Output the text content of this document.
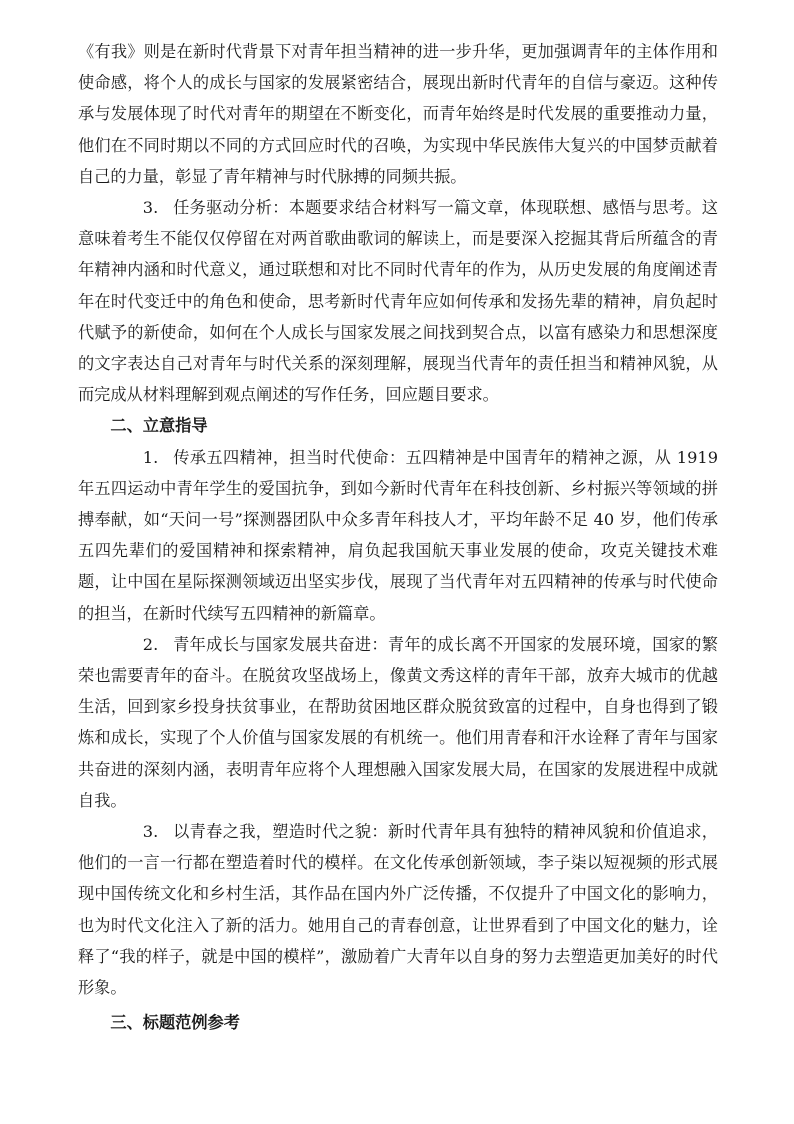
《有我》则是在新时代背景下对青年担当精神的进一步升华，更加强调青年的主体作用和使命感，将个人的成长与国家的发展紧密结合，展现出新时代青年的自信与豪迈。这种传承与发展体现了时代对青年的期望在不断变化，而青年始终是时代发展的重要推动力量，他们在不同时期以不同的方式回应时代的召唤，为实现中华民族伟大复兴的中国梦贡献着自己的力量，彰显了青年精神与时代脉搏的同频共振。

3. 任务驱动分析：本题要求结合材料写一篇文章，体现联想、感悟与思考。这意味着考生不能仅仅停留在对两首歌曲歌词的解读上，而是要深入挖掘其背后所蕴含的青年精神内涵和时代意义，通过联想和对比不同时代青年的作为，从历史发展的角度阐述青年在时代变迁中的角色和使命，思考新时代青年应如何传承和发扬先辈的精神，肩负起时代赋予的新使命，如何在个人成长与国家发展之间找到契合点，以富有感染力和思想深度的文字表达自己对青年与时代关系的深刻理解，展现当代青年的责任担当和精神风貌，从而完成从材料理解到观点阐述的写作任务，回应题目要求。

二、立意指导

1. 传承五四精神，担当时代使命：五四精神是中国青年的精神之源，从 1919 年五四运动中青年学生的爱国抗争，到如今新时代青年在科技创新、乡村振兴等领域的拼搏奉献，如“天问一号”探测器团队中众多青年科技人才，平均年龄不足 40 岁，他们传承五四先辈们的爱国精神和探索精神，肩负起我国航天事业发展的使命，攻克关键技术难题，让中国在星际探测领域迈出坚实步伐，展现了当代青年对五四精神的传承与时代使命的担当，在新时代续写五四精神的新篇章。

2. 青年成长与国家发展共奋进：青年的成长离不开国家的发展环境，国家的繁荣也需要青年的奋斗。在脱贫攻坚战场上，像黄文秀这样的青年干部，放弃大城市的优越生活，回到家乡投身扶贫事业，在帮助贫困地区群众脱贫致富的过程中，自身也得到了锻炼和成长，实现了个人价值与国家发展的有机统一。他们用青春和汗水诠释了青年与国家共奋进的深刻内涵，表明青年应将个人理想融入国家发展大局，在国家的发展进程中成就自我。

3. 以青春之我，塑造时代之貌：新时代青年具有独特的精神风貌和价值追求，他们的一言一行都在塑造着时代的模样。在文化传承创新领域，李子柒以短视频的形式展现中国传统文化和乡村生活，其作品在国内外广泛传播，不仅提升了中国文化的影响力，也为时代文化注入了新的活力。她用自己的青春创意，让世界看到了中国文化的魅力，诠释了“我的样子，就是中国的模样”，激励着广大青年以自身的努力去塑造更加美好的时代形象。

三、标题范例参考
